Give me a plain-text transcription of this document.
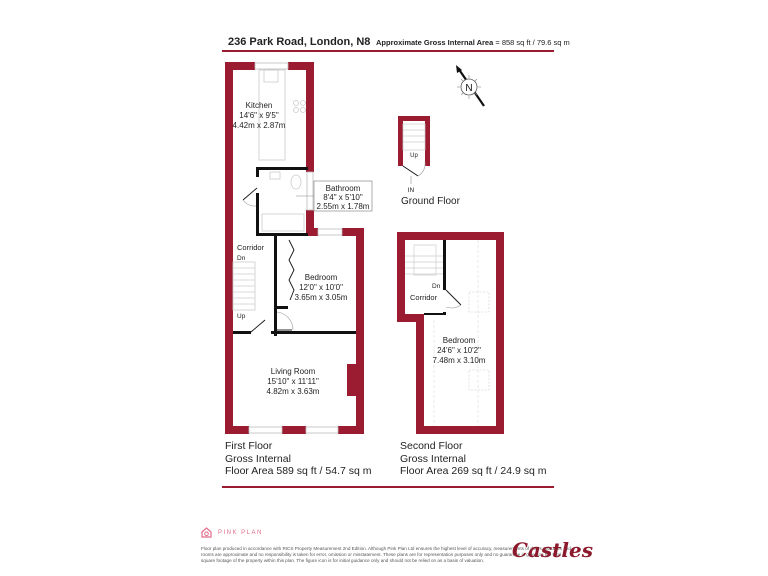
236 Park Road, London, N8 Approximate Gross Internal Area = 858 sq ft / 79.6 sq m
Kitchen
14'6" x 9'5"
4.42m x 2.87m
Bathroom
8'4" x 5'10"
2.55m x 1.78m
Bedroom
12'0" x 10'0"
3.65m x 3.05m
Living Room
15'10" x 11'11"
4.82m x 3.63m
Corridor
Dn
Up
N
Up
IN
Ground Floor
Dn
Corridor
Bedroom
24'6" x 10'2"
7.48m x 3.10m
First Floor
Gross Internal
Floor Area 589 sq ft / 54.7 sq m
Second Floor
Gross Internal
Floor Area 269 sq ft / 24.9 sq m
PINK PLAN
Floor plan produced in accordance with RICS Property Measurement 2nd Edition. Although Pink Plan Ltd ensures the highest level of accuracy, measurements of doors, windows and rooms are approximate and no responsibility is taken for error, omission or misstatement. These plans are for representation purposes only and no guarantee is given on the total square footage of the property within this plan. The figure icon is for initial guidance only and should not be relied on as a basis of valuation.	Castles
